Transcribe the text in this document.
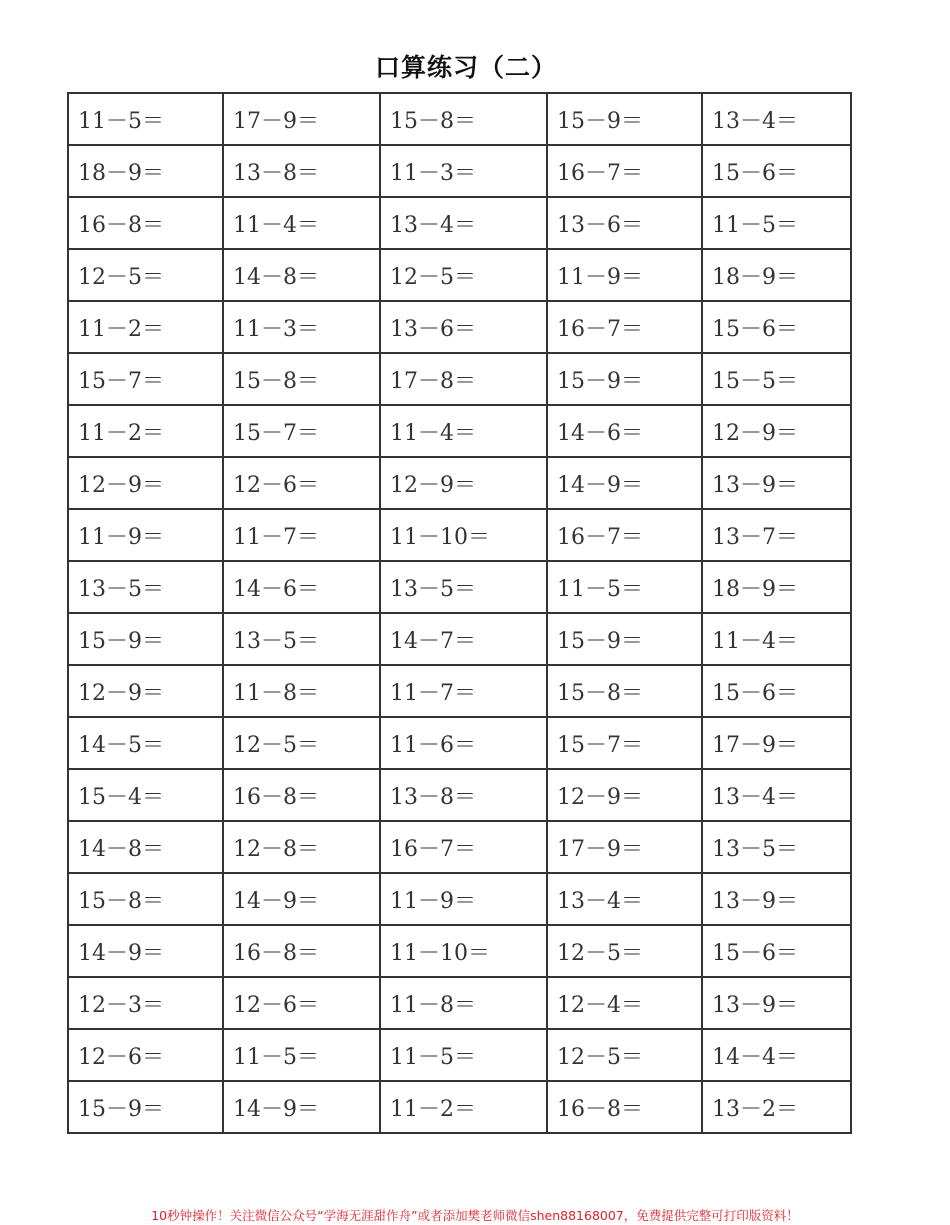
口算练习（二）
11－5＝	17－9＝	15－8＝	15－9＝	13－4＝
18－9＝	13－8＝	11－3＝	16－7＝	15－6＝
16－8＝	11－4＝	13－4＝	13－6＝	11－5＝
12－5＝	14－8＝	12－5＝	11－9＝	18－9＝
11－2＝	11－3＝	13－6＝	16－7＝	15－6＝
15－7＝	15－8＝	17－8＝	15－9＝	15－5＝
11－2＝	15－7＝	11－4＝	14－6＝	12－9＝
12－9＝	12－6＝	12－9＝	14－9＝	13－9＝
11－9＝	11－7＝	11－10＝	16－7＝	13－7＝
13－5＝	14－6＝	13－5＝	11－5＝	18－9＝
15－9＝	13－5＝	14－7＝	15－9＝	11－4＝
12－9＝	11－8＝	11－7＝	15－8＝	15－6＝
14－5＝	12－5＝	11－6＝	15－7＝	17－9＝
15－4＝	16－8＝	13－8＝	12－9＝	13－4＝
14－8＝	12－8＝	16－7＝	17－9＝	13－5＝
15－8＝	14－9＝	11－9＝	13－4＝	13－9＝
14－9＝	16－8＝	11－10＝	12－5＝	15－6＝
12－3＝	12－6＝	11－8＝	12－4＝	13－9＝
12－6＝	11－5＝	11－5＝	12－5＝	14－4＝
15－9＝	14－9＝	11－2＝	16－8＝	13－2＝
10秒钟操作！关注微信公众号“学海无涯甜作舟”或者添加樊老师微信shen88168007，免费提供完整可打印版资料！
